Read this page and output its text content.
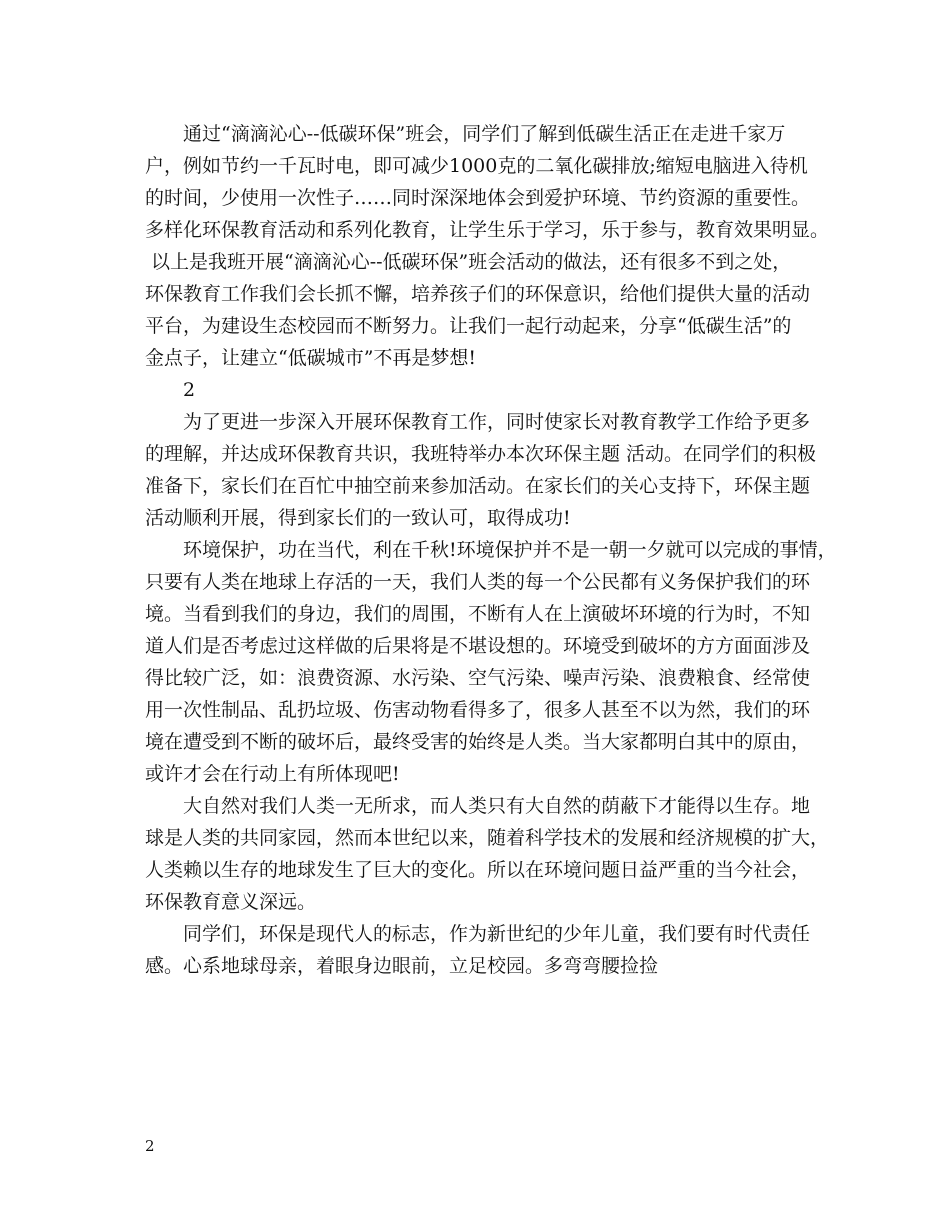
通过“滴滴沁心--低碳环保”班会，同学们了解到低碳生活正在走进千家万
户，例如节约一千瓦时电，即可减少1000克的二氧化碳排放;缩短电脑进入待机
的时间，少使用一次性子……同时深深地体会到爱护环境、节约资源的重要性。
多样化环保教育活动和系列化教育，让学生乐于学习，乐于参与，教育效果明显。
以上是我班开展“滴滴沁心--低碳环保”班会活动的做法，还有很多不到之处，
环保教育工作我们会长抓不懈，培养孩子们的环保意识，给他们提供大量的活动
平台，为建设生态校园而不断努力。让我们一起行动起来，分享“低碳生活”的
金点子，让建立“低碳城市”不再是梦想!
2
为了更进一步深入开展环保教育工作，同时使家长对教育教学工作给予更多
的理解，并达成环保教育共识，我班特举办本次环保主题 活动。在同学们的积极
准备下，家长们在百忙中抽空前来参加活动。在家长们的关心支持下，环保主题
活动顺利开展，得到家长们的一致认可，取得成功!
环境保护，功在当代，利在千秋!环境保护并不是一朝一夕就可以完成的事情，
只要有人类在地球上存活的一天，我们人类的每一个公民都有义务保护我们的环
境。当看到我们的身边，我们的周围，不断有人在上演破坏环境的行为时，不知
道人们是否考虑过这样做的后果将是不堪设想的。环境受到破坏的方方面面涉及
得比较广泛，如：浪费资源、水污染、空气污染、噪声污染、浪费粮食、经常使
用一次性制品、乱扔垃圾、伤害动物看得多了，很多人甚至不以为然，我们的环
境在遭受到不断的破坏后，最终受害的始终是人类。当大家都明白其中的原由，
或许才会在行动上有所体现吧!
大自然对我们人类一无所求，而人类只有大自然的荫蔽下才能得以生存。地
球是人类的共同家园，然而本世纪以来，随着科学技术的发展和经济规模的扩大，
人类赖以生存的地球发生了巨大的变化。所以在环境问题日益严重的当今社会，
环保教育意义深远。
同学们，环保是现代人的标志，作为新世纪的少年儿童，我们要有时代责任
感。心系地球母亲，着眼身边眼前，立足校园。多弯弯腰捡捡
2
